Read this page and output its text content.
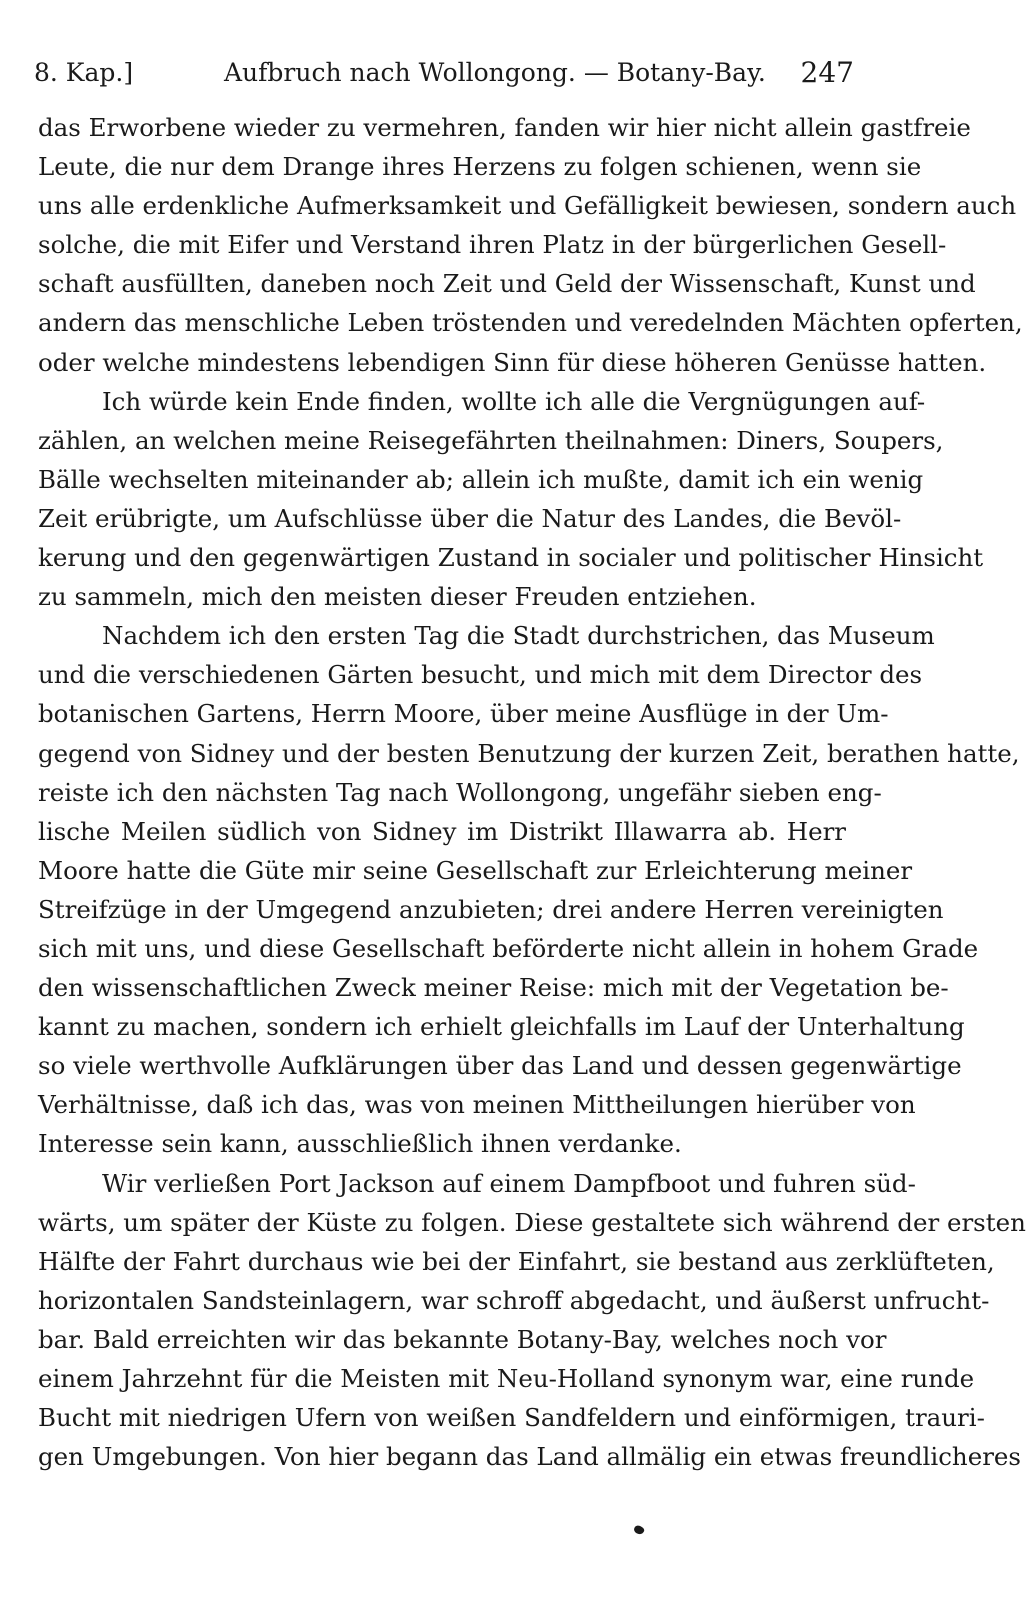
8. Kap.]	Aufbruch nach Wollongong. — Botany-Bay. 247
das Erworbene wieder zu vermehren, fanden wir hier nicht allein gastfreie
Leute, die nur dem Drange ihres Herzens zu folgen schienen, wenn sie
uns alle erdenkliche Aufmerksamkeit und Gefälligkeit bewiesen, sondern auch
solche, die mit Eifer und Verstand ihren Platz in der bürgerlichen Gesell-
schaft ausfüllten, daneben noch Zeit und Geld der Wissenschaft, Kunst und
andern das menschliche Leben tröstenden und veredelnden Mächten opferten,
oder welche mindestens lebendigen Sinn für diese höheren Genüsse hatten.
Ich würde kein Ende finden, wollte ich alle die Vergnügungen auf-
zählen, an welchen meine Reisegefährten theilnahmen: Diners, Soupers,
Bälle wechselten miteinander ab; allein ich mußte, damit ich ein wenig
Zeit erübrigte, um Aufschlüsse über die Natur des Landes, die Bevöl-
kerung und den gegenwärtigen Zustand in socialer und politischer Hinsicht
zu sammeln, mich den meisten dieser Freuden entziehen.
Nachdem ich den ersten Tag die Stadt durchstrichen, das Museum
und die verschiedenen Gärten besucht, und mich mit dem Director des
botanischen Gartens, Herrn Moore, über meine Ausflüge in der Um-
gegend von Sidney und der besten Benutzung der kurzen Zeit, berathen hatte,
reiste ich den nächsten Tag nach Wollongong, ungefähr sieben eng-
lische Meilen südlich von Sidney im Distrikt Illawarra ab. Herr
Moore hatte die Güte mir seine Gesellschaft zur Erleichterung meiner
Streifzüge in der Umgegend anzubieten; drei andere Herren vereinigten
sich mit uns, und diese Gesellschaft beförderte nicht allein in hohem Grade
den wissenschaftlichen Zweck meiner Reise: mich mit der Vegetation be-
kannt zu machen, sondern ich erhielt gleichfalls im Lauf der Unterhaltung
so viele werthvolle Aufklärungen über das Land und dessen gegenwärtige
Verhältnisse, daß ich das, was von meinen Mittheilungen hierüber von
Interesse sein kann, ausschließlich ihnen verdanke.
Wir verließen Port Jackson auf einem Dampfboot und fuhren süd-
wärts, um später der Küste zu folgen. Diese gestaltete sich während der ersten
Hälfte der Fahrt durchaus wie bei der Einfahrt, sie bestand aus zerklüfteten,
horizontalen Sandsteinlagern, war schroff abgedacht, und äußerst unfrucht-
bar. Bald erreichten wir das bekannte Botany-Bay, welches noch vor
einem Jahrzehnt für die Meisten mit Neu-Holland synonym war, eine runde
Bucht mit niedrigen Ufern von weißen Sandfeldern und einförmigen, trauri-
gen Umgebungen. Von hier begann das Land allmälig ein etwas freundlicheres
